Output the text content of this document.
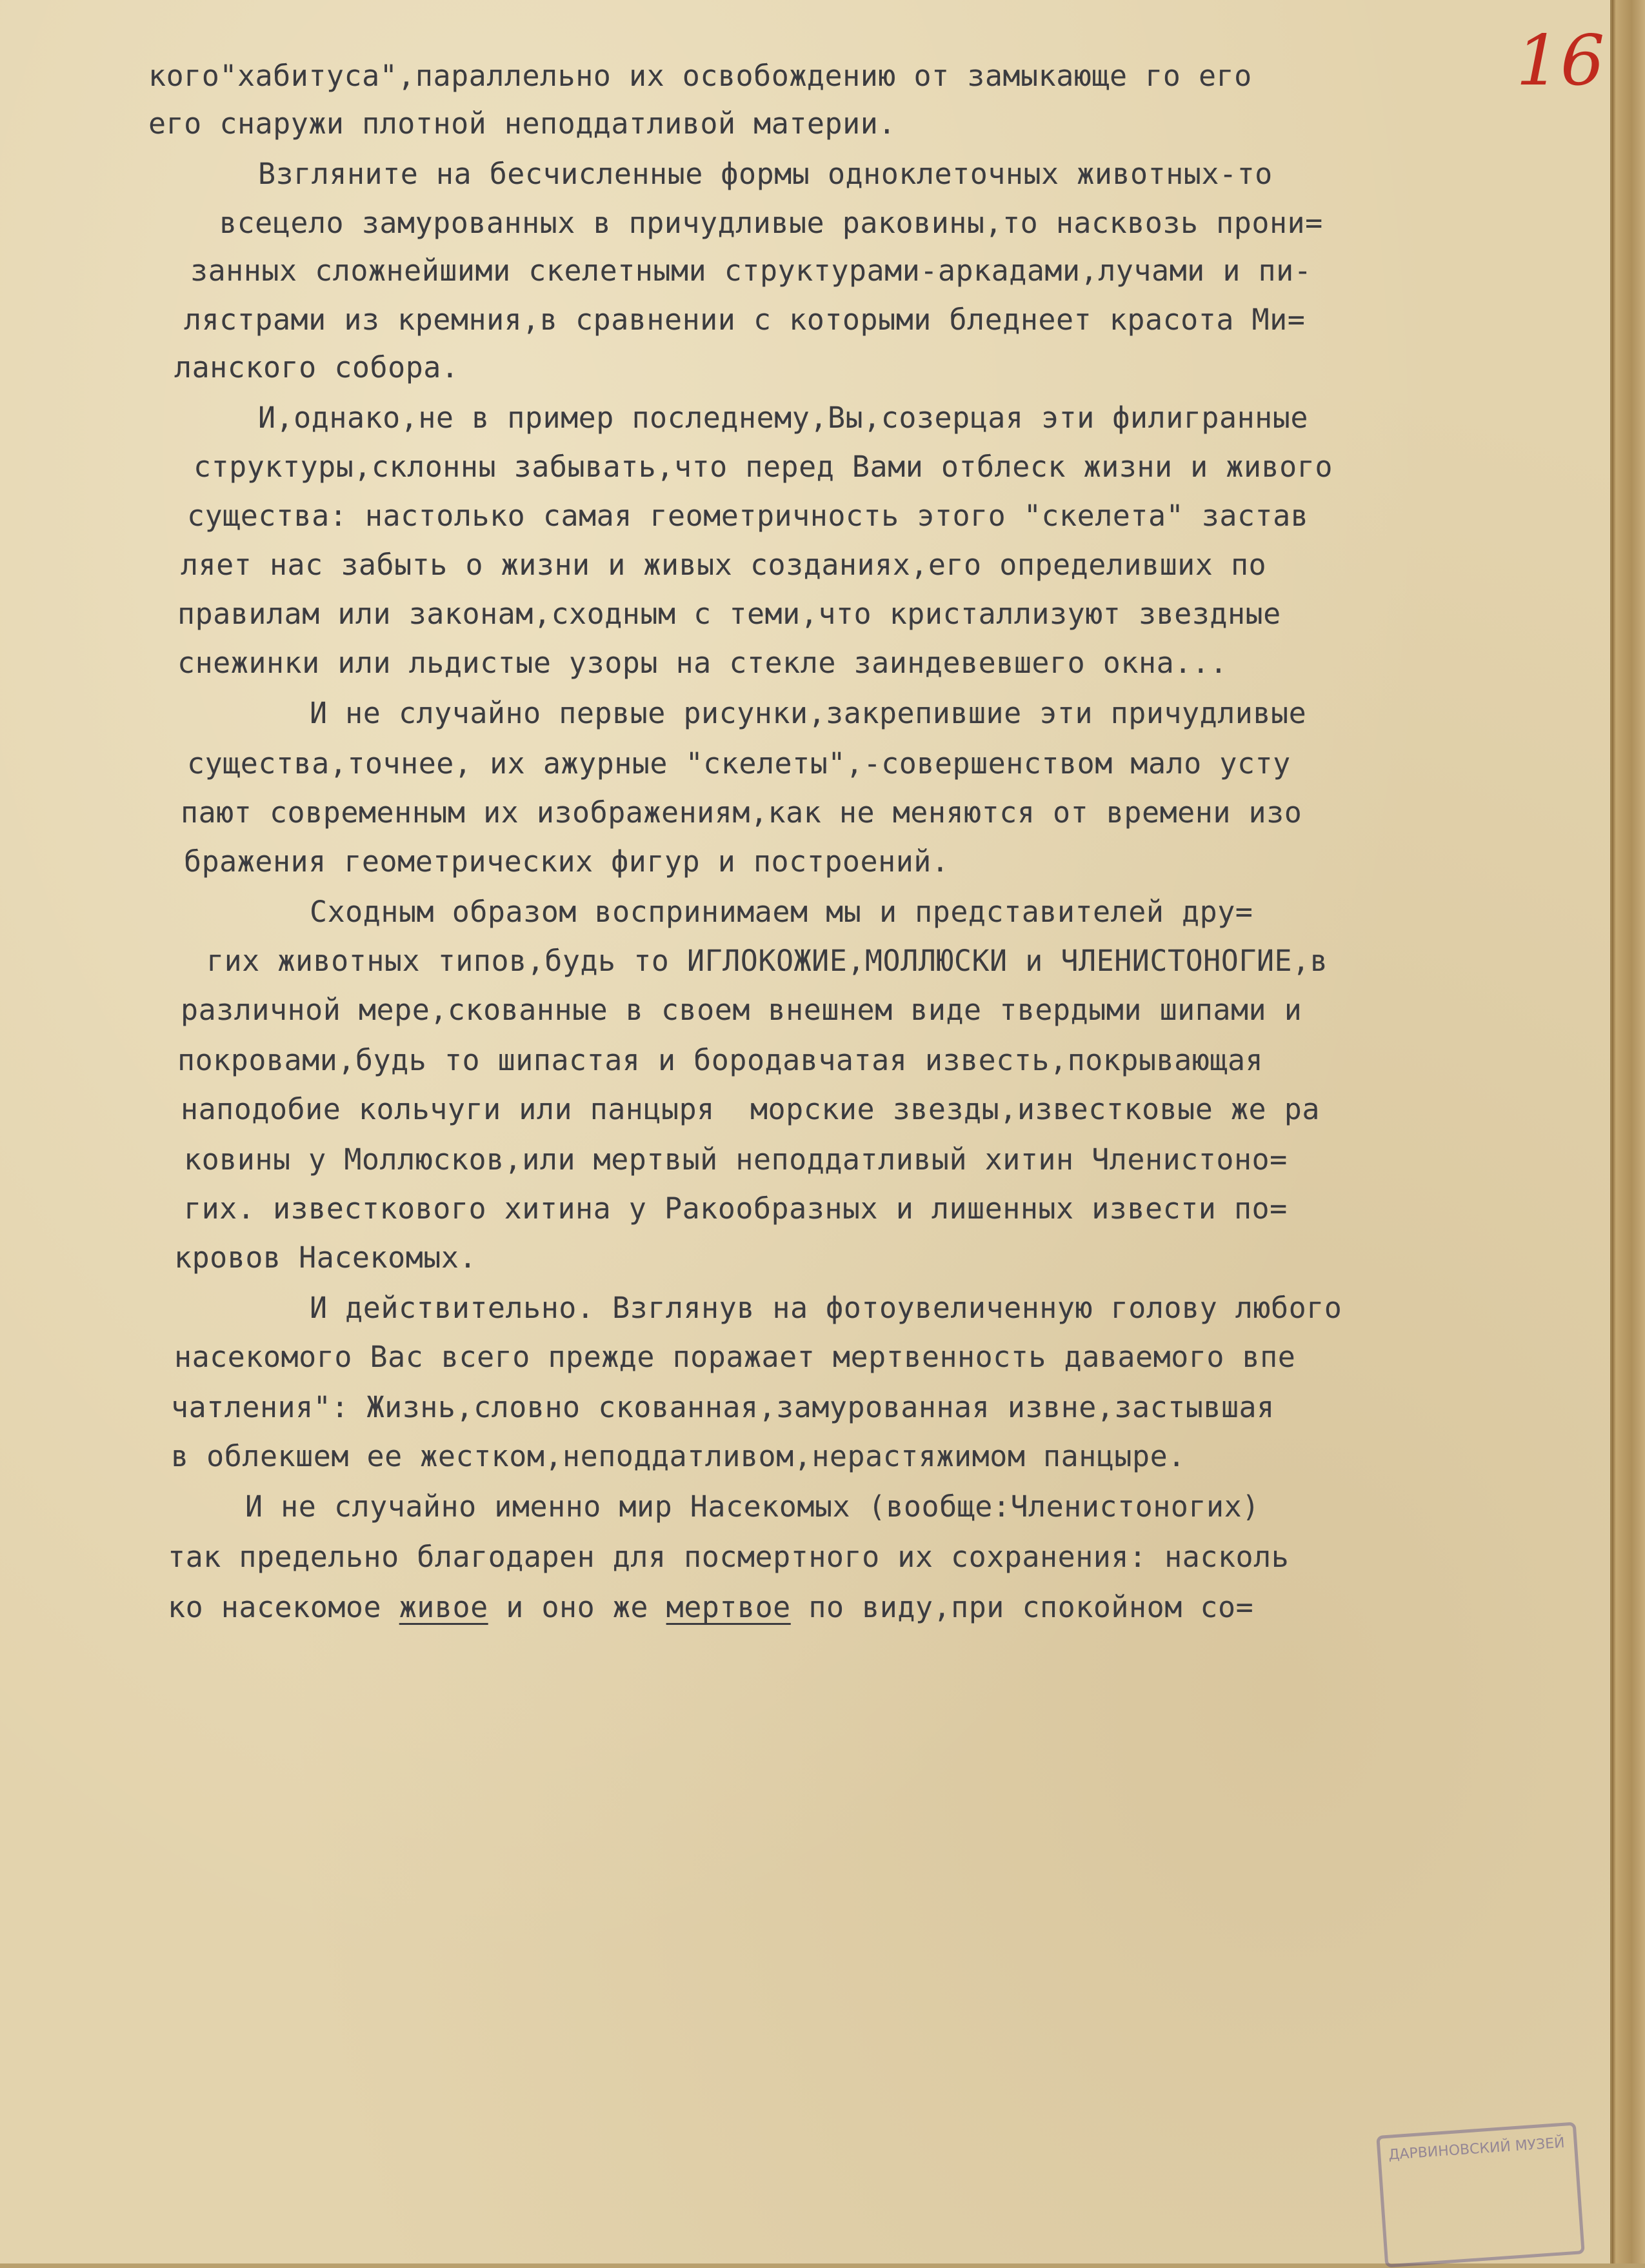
16
кого"хабитуса",параллельно их освобождению от замыкающе го его
его снаружи плотной неподдатливой материи.
Взгляните на бесчисленные формы одноклеточных животных-то
всецело замурованных в причудливые раковины,то насквозь прони=
занных сложнейшими скелетными структурами-аркадами,лучами и пи-
лястрами из кремния,в сравнении с которыми бледнеет красота Ми=
ланского собора.
И,однако,не в пример последнему,Вы,созерцая эти филигранные
структуры,склонны забывать,что перед Вами отблеск жизни и живого
существа: настолько самая геометричность этого "скелета" застав
ляет нас забыть о жизни и живых созданиях,его определивших по
правилам или законам,сходным с теми,что кристаллизуют звездные
снежинки или льдистые узоры на стекле заиндевевшего окна...
И не случайно первые рисунки,закрепившие эти причудливые
существа,точнее, их ажурные "скелеты",-совершенством мало усту
пают современным их изображениям,как не меняются от времени изо
бражения геометрических фигур и построений.
Сходным образом воспринимаем мы и представителей дру=
гих животных типов,будь то ИГЛОКОЖИЕ,МОЛЛЮСКИ и ЧЛЕНИСТОНОГИЕ,в
различной мере,скованные в своем внешнем виде твердыми шипами и
покровами,будь то шипастая и бородавчатая известь,покрывающая
наподобие кольчуги или панцыря  морские звезды,известковые же ра
ковины у Моллюсков,или мертвый неподдатливый хитин Членистоно=
гих. известкового хитина у Ракообразных и лишенных извести по=
кровов Насекомых.
И действительно. Взглянув на фотоувеличенную голову любого
насекомого Вас всего прежде поражает мертвенность даваемого впе
чатления": Жизнь,словно скованная,замурованная извне,застывшая
в облекшем ее жестком,неподдатливом,нерастяжимом панцыре.
И не случайно именно мир Насекомых (вообще:Членистоногих)
так предельно благодарен для посмертного их сохранения: насколь
ко насекомое живое и оно же мертвое по виду,при спокойном со=
ДАРВИНОВСКИЙ МУЗЕЙ
